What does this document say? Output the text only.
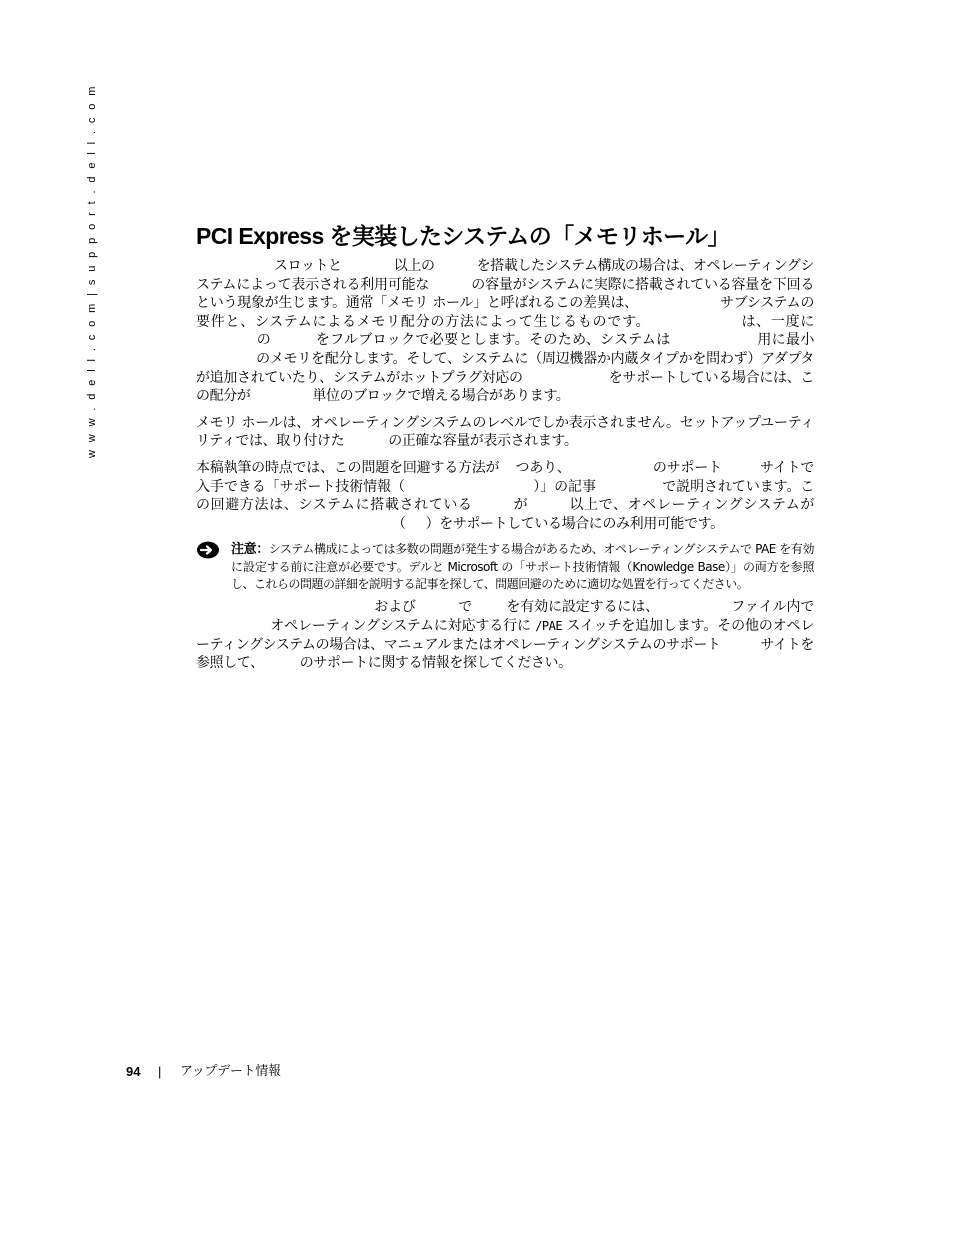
w w w . d e l l . c o m | s u p p o r t . d e l l . c o m	PCI Express を実装したシステムの「メモリホール」

スロットと	以上の	を搭載したシステム構成の場合は、オペレーティングシステムによって表示される利用可能な	の容量がシステムに実際に搭載されている容量を下回るという現象が生じます。通常「メモリ ホール」と呼ばれるこの差異は、	サブシステムの要件と、システムによるメモリ配分の方法によって生じるものです。	は、一度にの	をフルブロックで必要とします。そのため、システムは	用に最小のメモリを配分します。そして、システムに（周辺機器か内蔵タイプかを問わず）アダプタが追加されていたり、システムがホットプラグ対応の	をサポートしている場合には、この配分が	単位のブロックで増える場合があります。

メモリ ホールは、オペレーティングシステムのレベルでしか表示されません。セットアップユーティリティでは、取り付けた	の正確な容量が表示されます。

本稿執筆の時点では、この問題を回避する方法が つあり、	のサポート	サイトで入手できる「サポート技術情報（	）」の記事	で説明されています。この回避方法は、システムに搭載されている	が	以上で、オペレーティングシステムが（ ）をサポートしている場合にのみ利用可能です。

注意：システム構成によっては多数の問題が発生する場合があるため、オペレーティングシステムで PAE を有効に設定する前に注意が必要です。デルと Microsoft の「サポート技術情報（Knowledge Base）」の両方を参照し、これらの問題の詳細を説明する記事を探して、問題回避のために適切な処置を行ってください。

および	で を有効に設定するには、	ファイル内でオペレーティングシステムに対応する行に /PAE スイッチを追加します。その他のオペレーティングシステムの場合は、マニュアルまたはオペレーティングシステムのサポート	サイトを参照して、	のサポートに関する情報を探してください。

94 | アップデート情報
